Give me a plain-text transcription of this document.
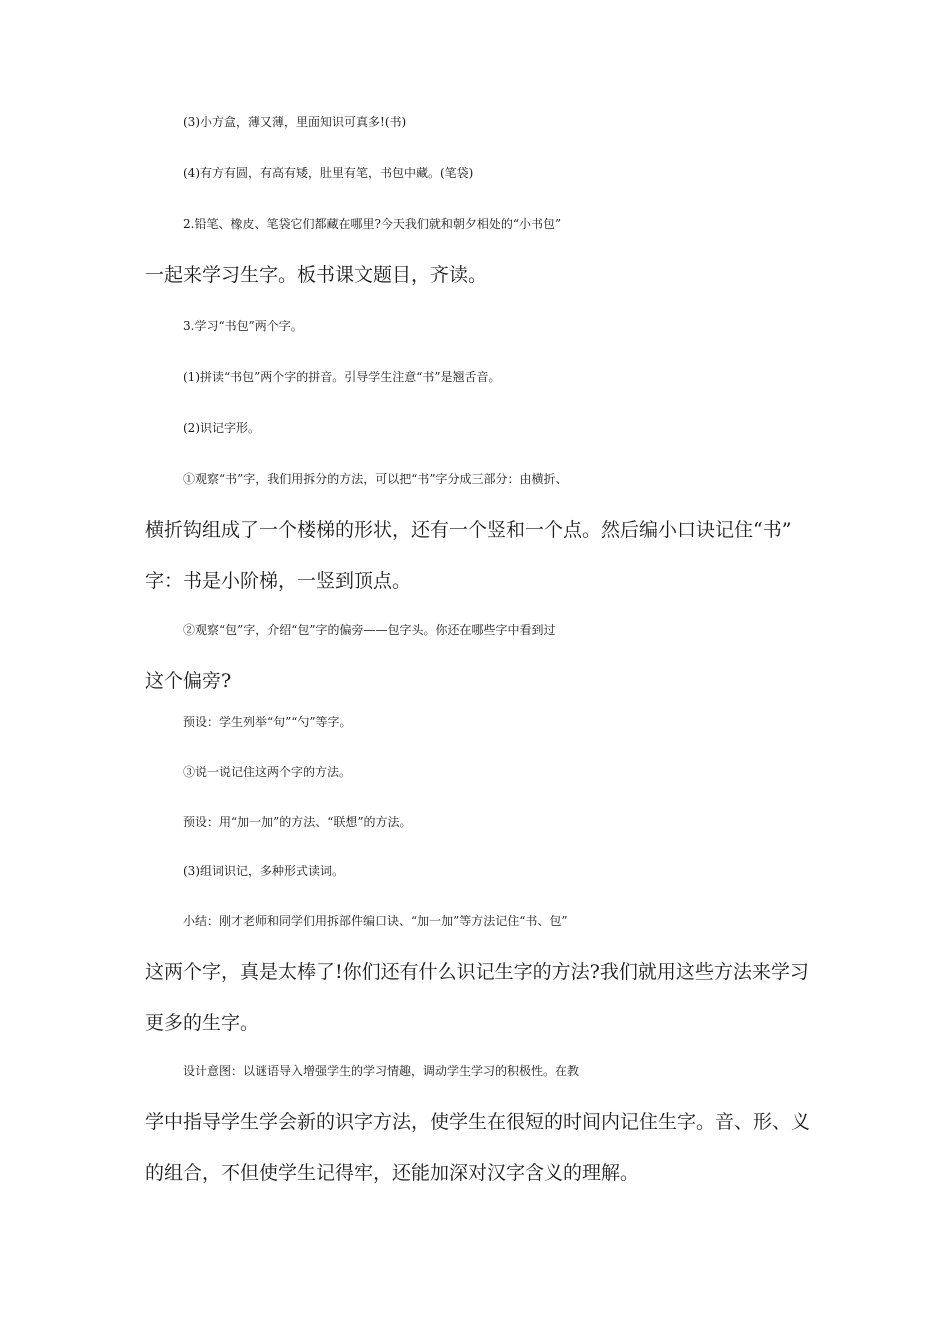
(3)小方盒，薄又薄，里面知识可真多!(书)
(4)有方有圆，有高有矮，肚里有笔，书包中藏。(笔袋)
2.铅笔、橡皮、笔袋它们都藏在哪里?今天我们就和朝夕相处的“小书包”
一起来学习生字。板书课文题目，齐读。
3.学习“书包”两个字。
(1)拼读“书包”两个字的拼音。引导学生注意“书”是翘舌音。
(2)识记字形。
①观察“书”字，我们用拆分的方法，可以把“书”字分成三部分：由横折、
横折钩组成了一个楼梯的形状，还有一个竖和一个点。然后编小口诀记住“书”
字：书是小阶梯，一竖到顶点。
②观察“包”字，介绍“包”字的偏旁——包字头。你还在哪些字中看到过
这个偏旁?
预设：学生列举“句”“勺”等字。
③说一说记住这两个字的方法。
预设：用“加一加”的方法、“联想”的方法。
(3)组词识记，多种形式读词。
小结：刚才老师和同学们用拆部件编口诀、“加一加”等方法记住“书、包”
这两个字，真是太棒了!你们还有什么识记生字的方法?我们就用这些方法来学习
更多的生字。
设计意图：以谜语导入增强学生的学习情趣，调动学生学习的积极性。在教
学中指导学生学会新的识字方法，使学生在很短的时间内记住生字。音、形、义
的组合，不但使学生记得牢，还能加深对汉字含义的理解。
